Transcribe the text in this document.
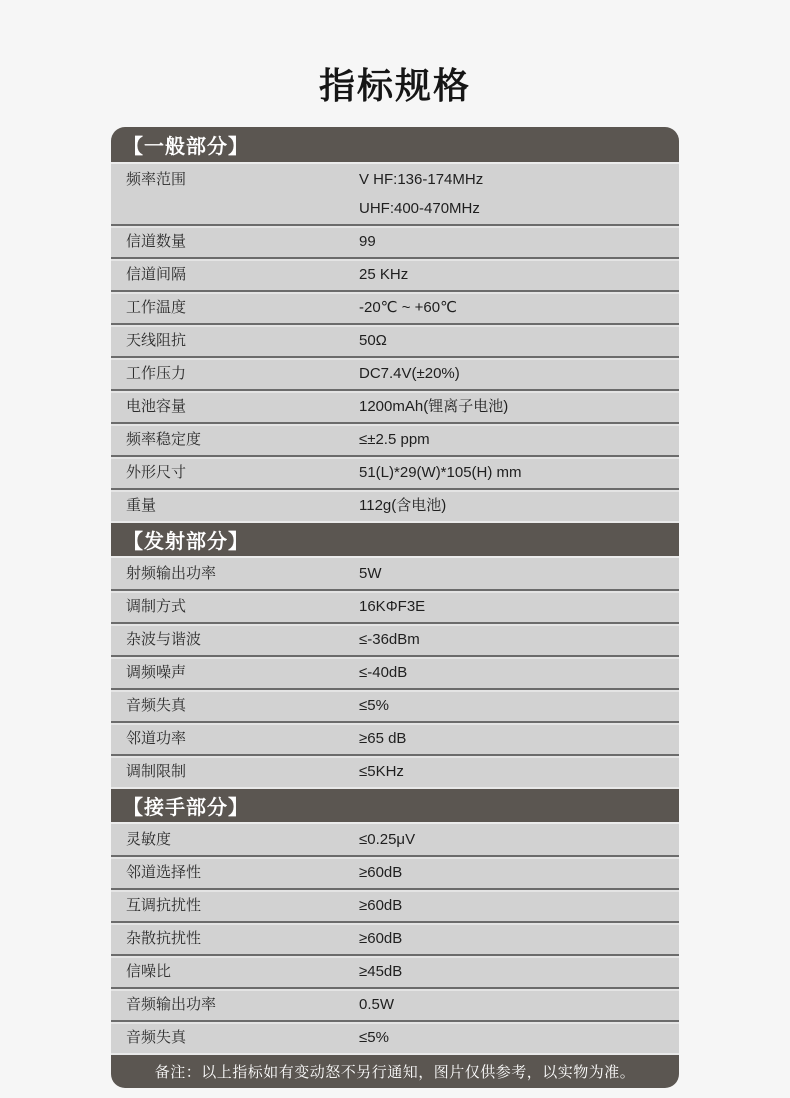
指标规格
【一般部分】
频率范围	V HF:136-174MHz
UHF:400-470MHz
信道数量	99
信道间隔	25 KHz
工作温度	-20℃ ~ +60℃
天线阻抗	50Ω
工作压力	DC7.4V(±20%)
电池容量	1200mAh(锂离子电池)
频率稳定度	≤±2.5 ppm
外形尺寸	51(L)*29(W)*105(H) mm
重量	112g(含电池)
【发射部分】
射频输出功率	5W
调制方式	16KΦF3E
杂波与谐波	≤-36dBm
调频噪声	≤-40dB
音频失真	≤5%
邻道功率	≥65 dB
调制限制	≤5KHz
【接手部分】
灵敏度	≤0.25μV
邻道选择性	≥60dB
互调抗扰性	≥60dB
杂散抗扰性	≥60dB
信噪比	≥45dB
音频输出功率	0.5W
音频失真	≤5%
备注：以上指标如有变动怒不另行通知，图片仅供参考，以实物为准。
